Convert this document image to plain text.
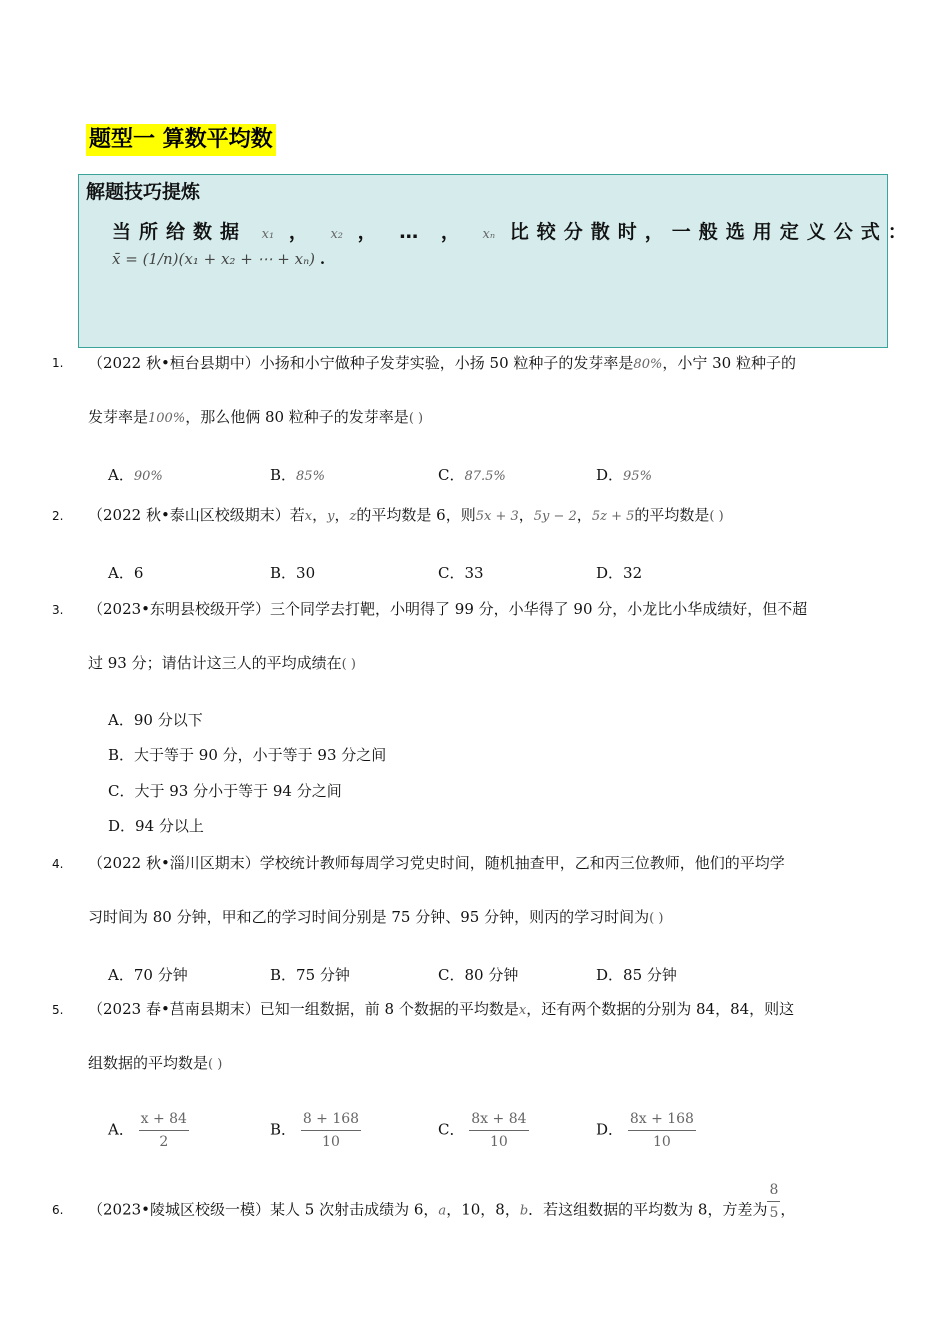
题型一 算数平均数
解题技巧提炼
当所给数据 x₁ ， x₂ ， … ， xₙ 比较分散时，一般选用定义公式：
x̄ = (1/n)(x₁ + x₂ + ⋯ + xₙ) .
1. （2022 秋•桓台县期中）小扬和小宁做种子发芽实验，小扬 50 粒种子的发芽率是80%，小宁 30 粒种子的
发芽率是100%，那么他俩 80 粒种子的发芽率是( )
A．90%	B．85%	C．87.5%	D．95%
2. （2022 秋•泰山区校级期末）若x，y，z的平均数是 6，则5x + 3，5y − 2，5z + 5的平均数是( )
A．6	B．30	C．33	D．32
3. （2023•东明县校级开学）三个同学去打靶，小明得了 99 分，小华得了 90 分，小龙比小华成绩好，但不超
过 93 分；请估计这三人的平均成绩在( )
A．90 分以下
B．大于等于 90 分，小于等于 93 分之间
C．大于 93 分小于等于 94 分之间
D．94 分以上
4. （2022 秋•淄川区期末）学校统计教师每周学习党史时间，随机抽查甲，乙和丙三位教师，他们的平均学
习时间为 80 分钟，甲和乙的学习时间分别是 75 分钟、95 分钟，则丙的学习时间为( )
A．70 分钟	B．75 分钟	C．80 分钟	D．85 分钟
5. （2023 春•莒南县期末）已知一组数据，前 8 个数据的平均数是x，还有两个数据的分别为 84，84，则这
组数据的平均数是( )
A． $\frac{x + 84}{2}$	B． $\frac{8 + 168}{10}$	C． $\frac{8x + 84}{10}$	D． $\frac{8x + 168}{10}$
6. （2023•陵城区校级一模）某人 5 次射击成绩为 6，a，10，8，b．若这组数据的平均数为 8，方差为 $\frac{8}{5}$ ，
